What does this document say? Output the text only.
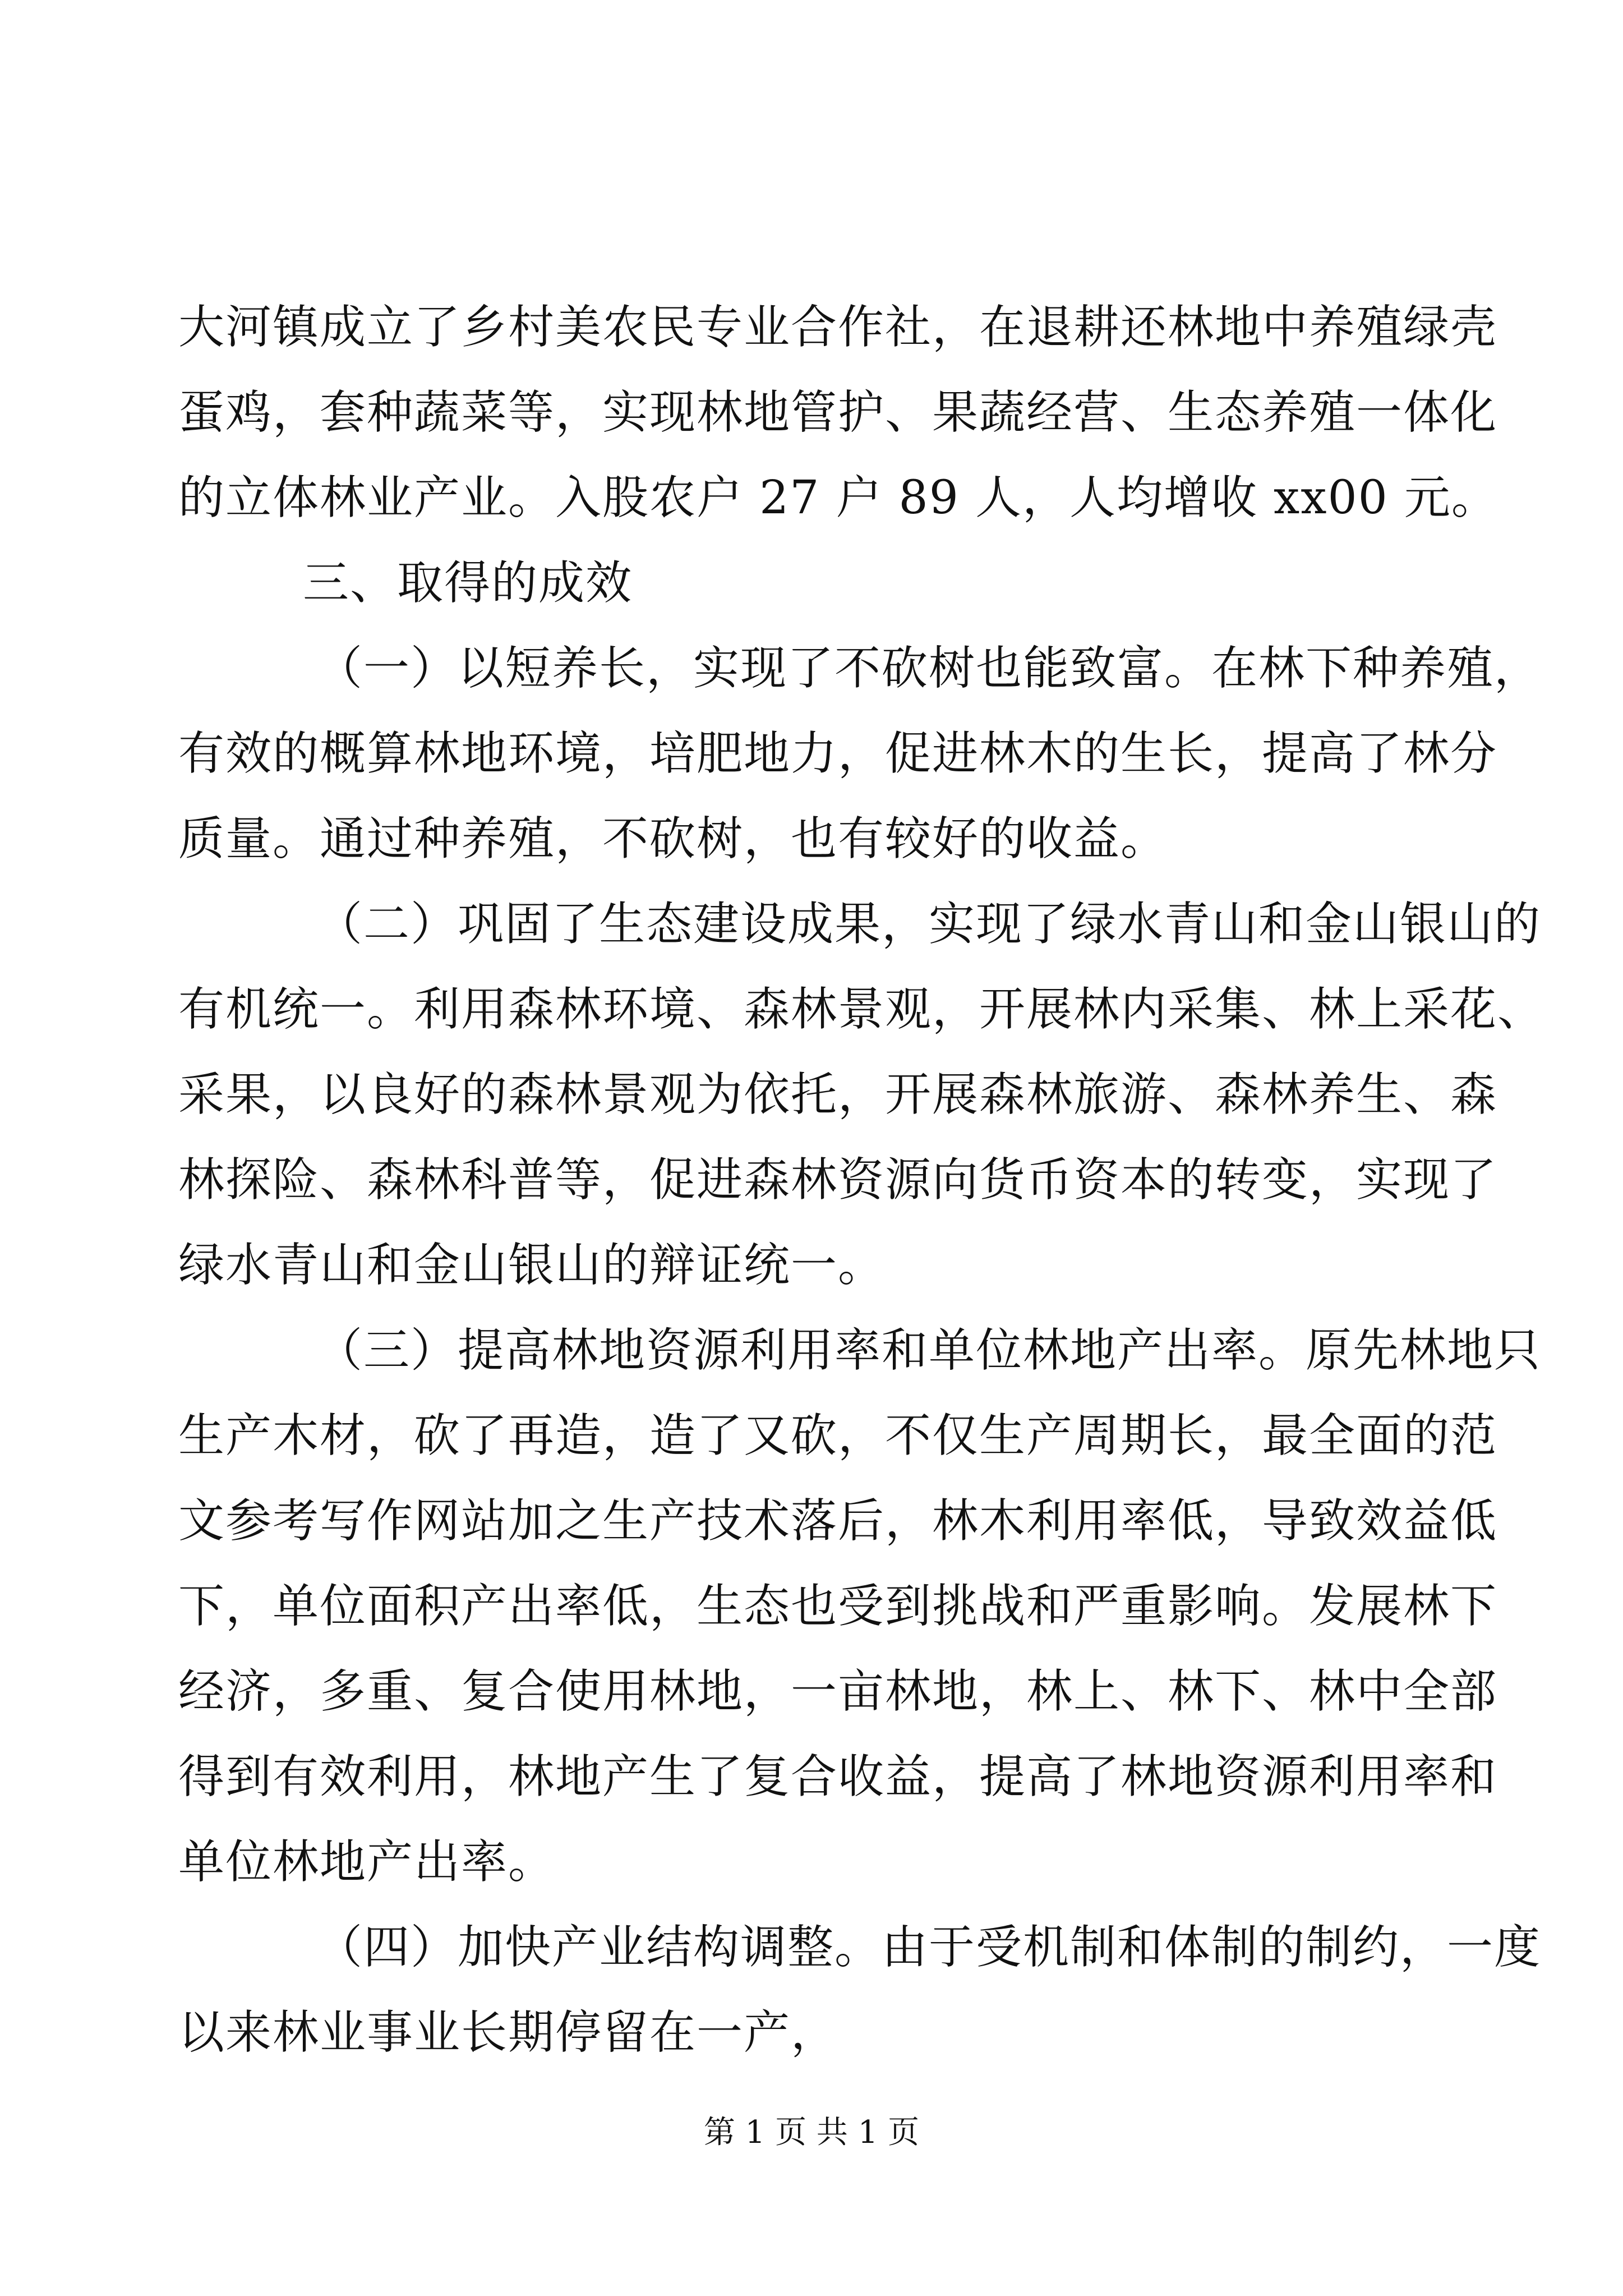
大河镇成立了乡村美农民专业合作社，在退耕还林地中养殖绿壳
蛋鸡，套种蔬菜等，实现林地管护、果蔬经营、生态养殖一体化
的立体林业产业。入股农户 27 户 89 人，人均增收 xx00 元。
三、取得的成效
（一）以短养长，实现了不砍树也能致富。在林下种养殖，
有效的概算林地环境，培肥地力，促进林木的生长，提高了林分
质量。通过种养殖，不砍树，也有较好的收益。
（二）巩固了生态建设成果，实现了绿水青山和金山银山的
有机统一。利用森林环境、森林景观，开展林内采集、林上采花、
采果，以良好的森林景观为依托，开展森林旅游、森林养生、森
林探险、森林科普等，促进森林资源向货币资本的转变，实现了
绿水青山和金山银山的辩证统一。
（三）提高林地资源利用率和单位林地产出率。原先林地只
生产木材，砍了再造，造了又砍，不仅生产周期长，最全面的范
文参考写作网站加之生产技术落后，林木利用率低，导致效益低
下，单位面积产出率低，生态也受到挑战和严重影响。发展林下
经济，多重、复合使用林地，一亩林地，林上、林下、林中全部
得到有效利用，林地产生了复合收益，提高了林地资源利用率和
单位林地产出率。
（四）加快产业结构调整。由于受机制和体制的制约，一度
以来林业事业长期停留在一产，
第 1 页 共 1 页
